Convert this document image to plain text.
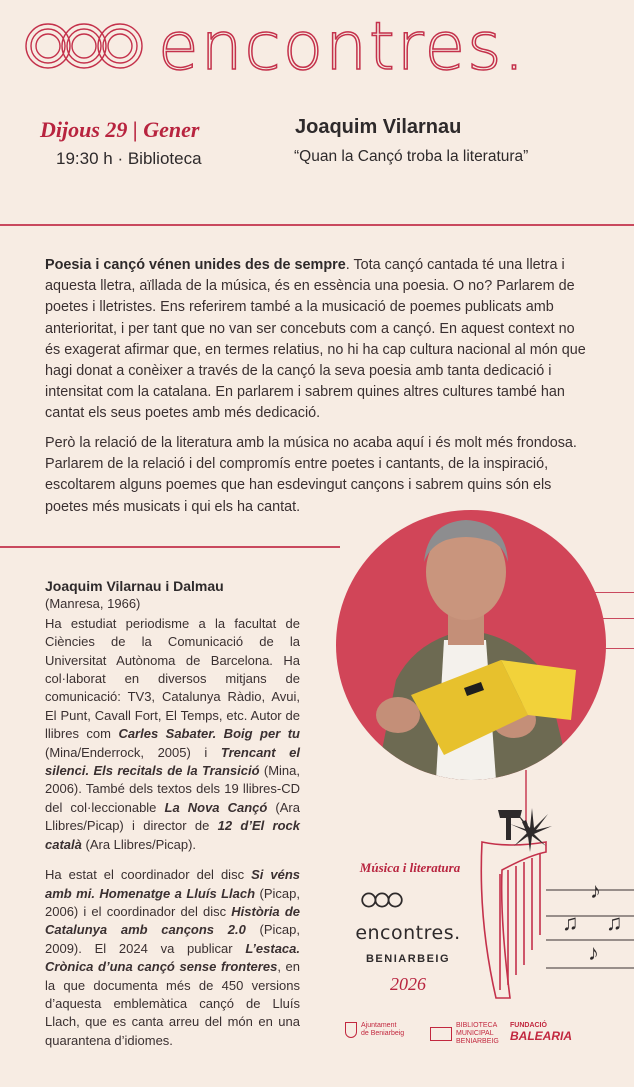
encontres.
Dijous 29 | Gener
19:30 h · Biblioteca
Joaquim Vilarnau
“Quan la Cançó troba la literatura”

Poesia i cançó vénen unides des de sempre. Tota cançó cantada té una lletra i aquesta lletra, aïllada de la música, és en essència una poesia. O no? Parlarem de poetes i lletristes. Ens referirem també a la musicació de poemes publicats amb anterioritat, i per tant que no van ser concebuts com a cançó. En aquest context no és exagerat afirmar que, en termes relatius, no hi ha cap cultura nacional al món que hagi donat a conèixer a través de la cançó la seva poesia amb tanta dedicació i intensitat com la catalana. En parlarem i sabrem quines altres cultures també han cantat els seus poetes amb més dedicació.

Però la relació de la literatura amb la música no acaba aquí i és molt més frondosa. Parlarem de la relació i del compromís entre poetes i cantants, de la inspiració, escoltarem alguns poemes que han esdevingut cançons i sabrem quins són els poetes més musicats i qui els ha cantat.

Joaquim Vilarnau i Dalmau
(Manresa, 1966)

Ha estudiat periodisme a la facultat de Ciències de la Comunicació de la Universitat Autònoma de Barcelona. Ha col·laborat en diversos mitjans de comunicació: TV3, Catalunya Ràdio, Avui, El Punt, Cavall Fort, El Temps, etc. Autor de llibres com Carles Sabater. Boig per tu (Mina/Enderrock, 2005) i Trencant el silenci. Els recitals de la Transició (Mina, 2006). També dels textos dels 19 llibres-CD del col·leccionable La Nova Cançó (Ara Llibres/Picap) i director de 12 d’El rock català (Ara Llibres/Picap).

Ha estat el coordinador del disc Si véns amb mi. Homenatge a Lluís Llach (Picap, 2006) i el coordinador del disc Història de Catalunya amb cançons 2.0 (Picap, 2009). El 2024 va publicar L’estaca. Crònica d’una cançó sense fronteres, en la que documenta més de 450 versions d’aquesta emblemàtica cançó de Lluís Llach, que es canta arreu del món en una quarantena d’idiomes.

♪
♫ ♫
♪
Música i literatura
encontres.
BENIARBEIG
2026
Ajuntament
de Beniarbeig
BIBLIOTECA
MUNICIPAL
BENIARBEIG
FUNDACIÓ
BALEARIA
